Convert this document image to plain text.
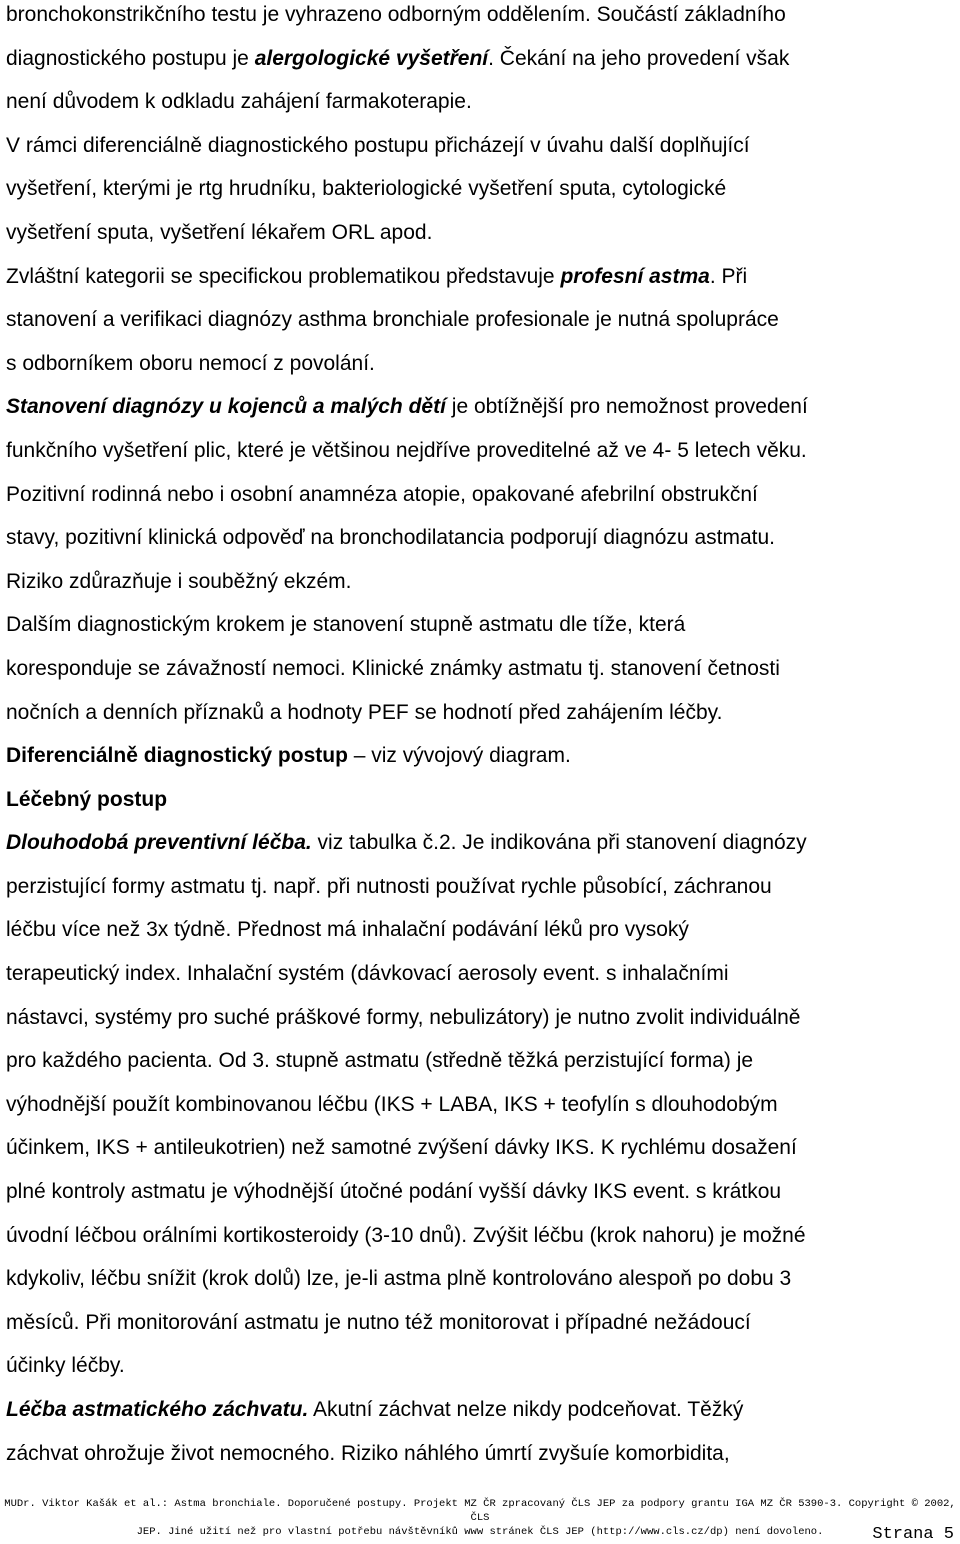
bronchokonstrikčního testu je vyhrazeno odborným oddělením. Součástí základního
diagnostického postupu je alergologické vyšetření. Čekání na jeho provedení však
není důvodem k odkladu zahájení farmakoterapie.
V rámci diferenciálně diagnostického postupu přicházejí v úvahu další doplňující
vyšetření, kterými je rtg hrudníku, bakteriologické vyšetření sputa, cytologické
vyšetření sputa, vyšetření lékařem ORL apod.
Zvláštní kategorii se specifickou problematikou představuje profesní astma. Při
stanovení a verifikaci diagnózy asthma bronchiale profesionale je nutná spolupráce
s odborníkem oboru nemocí z povolání.
Stanovení diagnózy u kojenců a malých dětí je obtížnější pro nemožnost provedení
funkčního vyšetření plic, které je většinou nejdříve proveditelné až ve 4- 5 letech věku.
Pozitivní rodinná nebo i osobní anamnéza atopie, opakované afebrilní obstrukční
stavy, pozitivní klinická odpověď na bronchodilatancia podporují diagnózu astmatu.
Riziko zdůrazňuje i souběžný ekzém.
Dalším diagnostickým krokem je stanovení stupně astmatu dle tíže, která
koresponduje se závažností nemoci. Klinické známky astmatu tj. stanovení četnosti
nočních a denních příznaků a hodnoty PEF se hodnotí před zahájením léčby.
Diferenciálně diagnostický postup – viz vývojový diagram.
Léčebný postup
Dlouhodobá preventivní léčba. viz tabulka č.2. Je indikována při stanovení diagnózy
perzistující formy astmatu tj. např. při nutnosti používat rychle působící, záchranou
léčbu více než 3x týdně. Přednost má inhalační podávání léků pro vysoký
terapeutický index. Inhalační systém (dávkovací aerosoly event. s inhalačními
nástavci, systémy pro suché práškové formy, nebulizátory) je nutno zvolit individuálně
pro každého pacienta. Od 3. stupně astmatu (středně těžká perzistující forma) je
výhodnější použít kombinovanou léčbu (IKS + LABA, IKS + teofylín s dlouhodobým
účinkem, IKS + antileukotrien) než samotné zvýšení dávky IKS. K rychlému dosažení
plné kontroly astmatu je výhodnější útočné podání vyšší dávky IKS event. s krátkou
úvodní léčbou orálními kortikosteroidy (3-10 dnů). Zvýšit léčbu (krok nahoru) je možné
kdykoliv, léčbu snížit (krok dolů) lze, je-li astma plně kontrolováno alespoň po dobu 3
měsíců. Při monitorování astmatu je nutno též monitorovat i případné nežádoucí
účinky léčby.
Léčba astmatického záchvatu. Akutní záchvat nelze nikdy podceňovat. Těžký
záchvat ohrožuje život nemocného. Riziko náhlého úmrtí zvyšuíe komorbidita,
MUDr. Viktor Kašák et al.: Astma bronchiale. Doporučené postupy. Projekt MZ ČR zpracovaný ČLS JEP za podpory grantu IGA MZ ČR 5390-3. Copyright © 2002, ČLS
JEP. Jiné užití než pro vlastní potřebu návštěvníků www stránek ČLS JEP (http://www.cls.cz/dp) není dovoleno.	Strana 5
